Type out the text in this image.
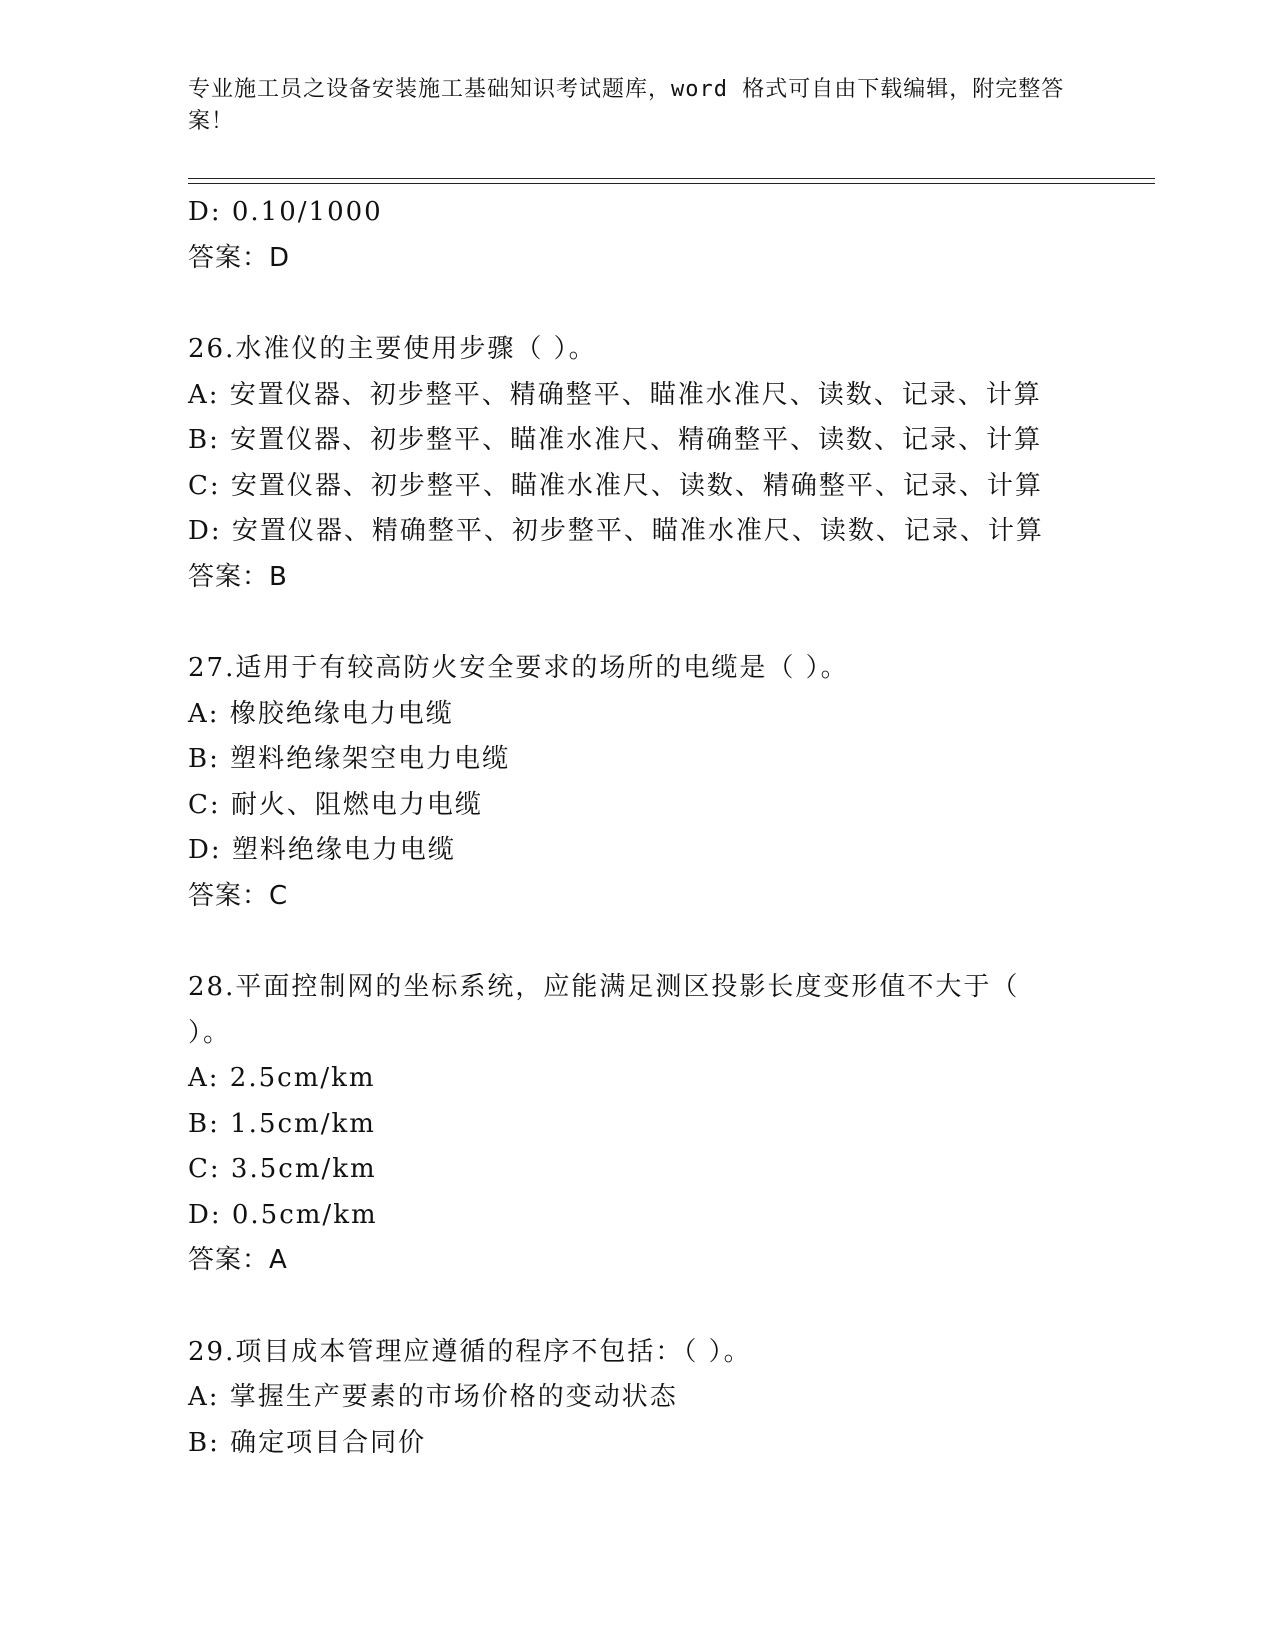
专业施工员之设备安装施工基础知识考试题库，word 格式可自由下载编辑，附完整答案！
D: 0.10/1000
答案：D
26.水准仪的主要使用步骤（ ）。
A: 安置仪器、初步整平、精确整平、瞄准水准尺、读数、记录、计算
B: 安置仪器、初步整平、瞄准水准尺、精确整平、读数、记录、计算
C: 安置仪器、初步整平、瞄准水准尺、读数、精确整平、记录、计算
D: 安置仪器、精确整平、初步整平、瞄准水准尺、读数、记录、计算
答案：B
27.适用于有较高防火安全要求的场所的电缆是（ ）。
A: 橡胶绝缘电力电缆
B: 塑料绝缘架空电力电缆
C: 耐火、阻燃电力电缆
D: 塑料绝缘电力电缆
答案：C
28.平面控制网的坐标系统，应能满足测区投影长度变形值不大于（ ）。
A: 2.5cm/km
B: 1.5cm/km
C: 3.5cm/km
D: 0.5cm/km
答案：A
29.项目成本管理应遵循的程序不包括：（ ）。
A: 掌握生产要素的市场价格的变动状态
B: 确定项目合同价
